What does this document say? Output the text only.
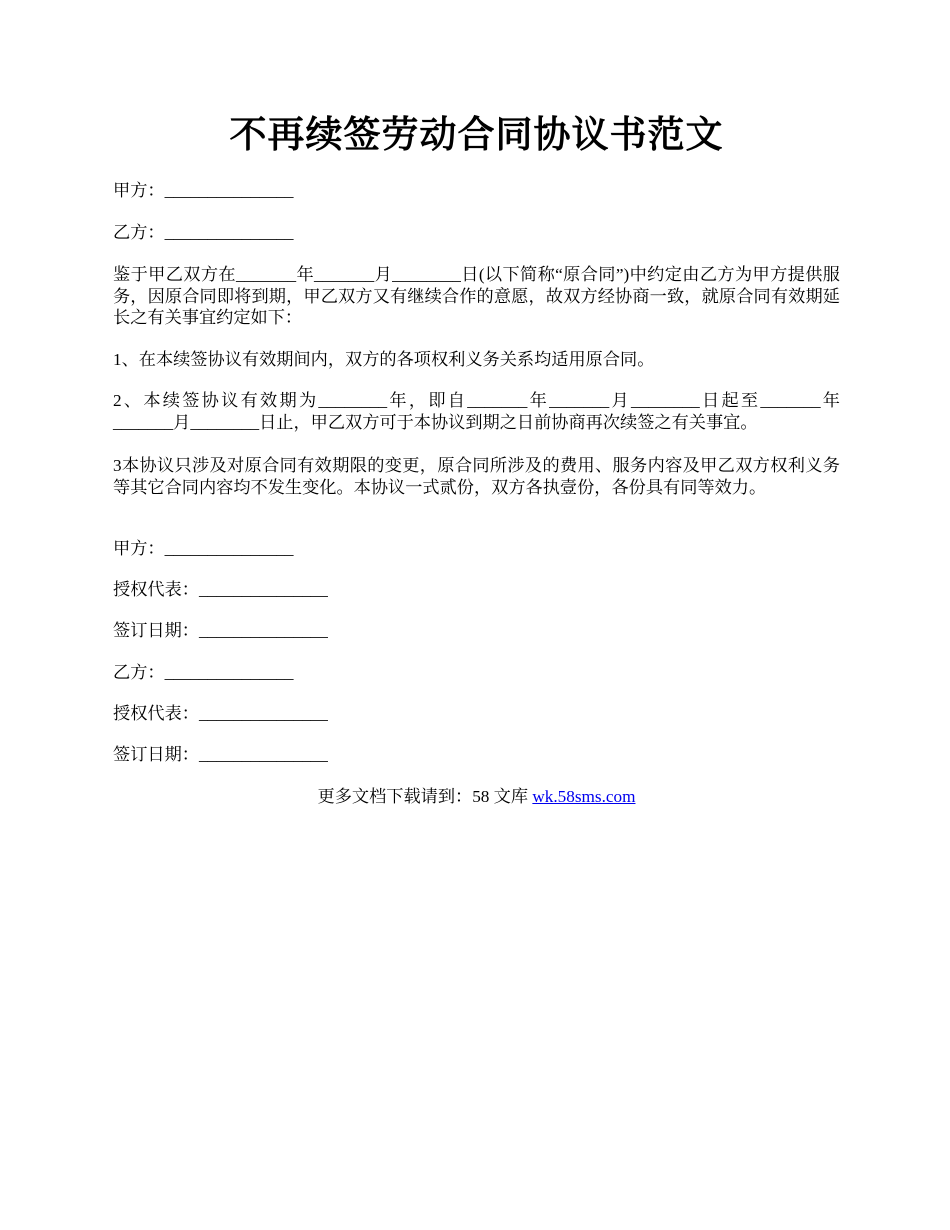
不再续签劳动合同协议书范文
甲方：_______________
乙方：_______________
鉴于甲乙双方在_______年_______月________日(以下简称“原合同”)中约定由乙方为甲方提供服务，因原合同即将到期，甲乙双方又有继续合作的意愿，故双方经协商一致，就原合同有效期延长之有关事宜约定如下：
1、在本续签协议有效期间内，双方的各项权利义务关系均适用原合同。
2、本续签协议有效期为________年，即自_______年_______月________日起至_______年_______月________日止，甲乙双方可于本协议到期之日前协商再次续签之有关事宜。
3本协议只涉及对原合同有效期限的变更，原合同所涉及的费用、服务内容及甲乙双方权利义务等其它合同内容均不发生变化。本协议一式贰份，双方各执壹份，各份具有同等效力。
甲方：_______________
授权代表：_______________
签订日期：_______________
乙方：_______________
授权代表：_______________
签订日期：_______________
更多文档下载请到：58 文库 wk.58sms.com
